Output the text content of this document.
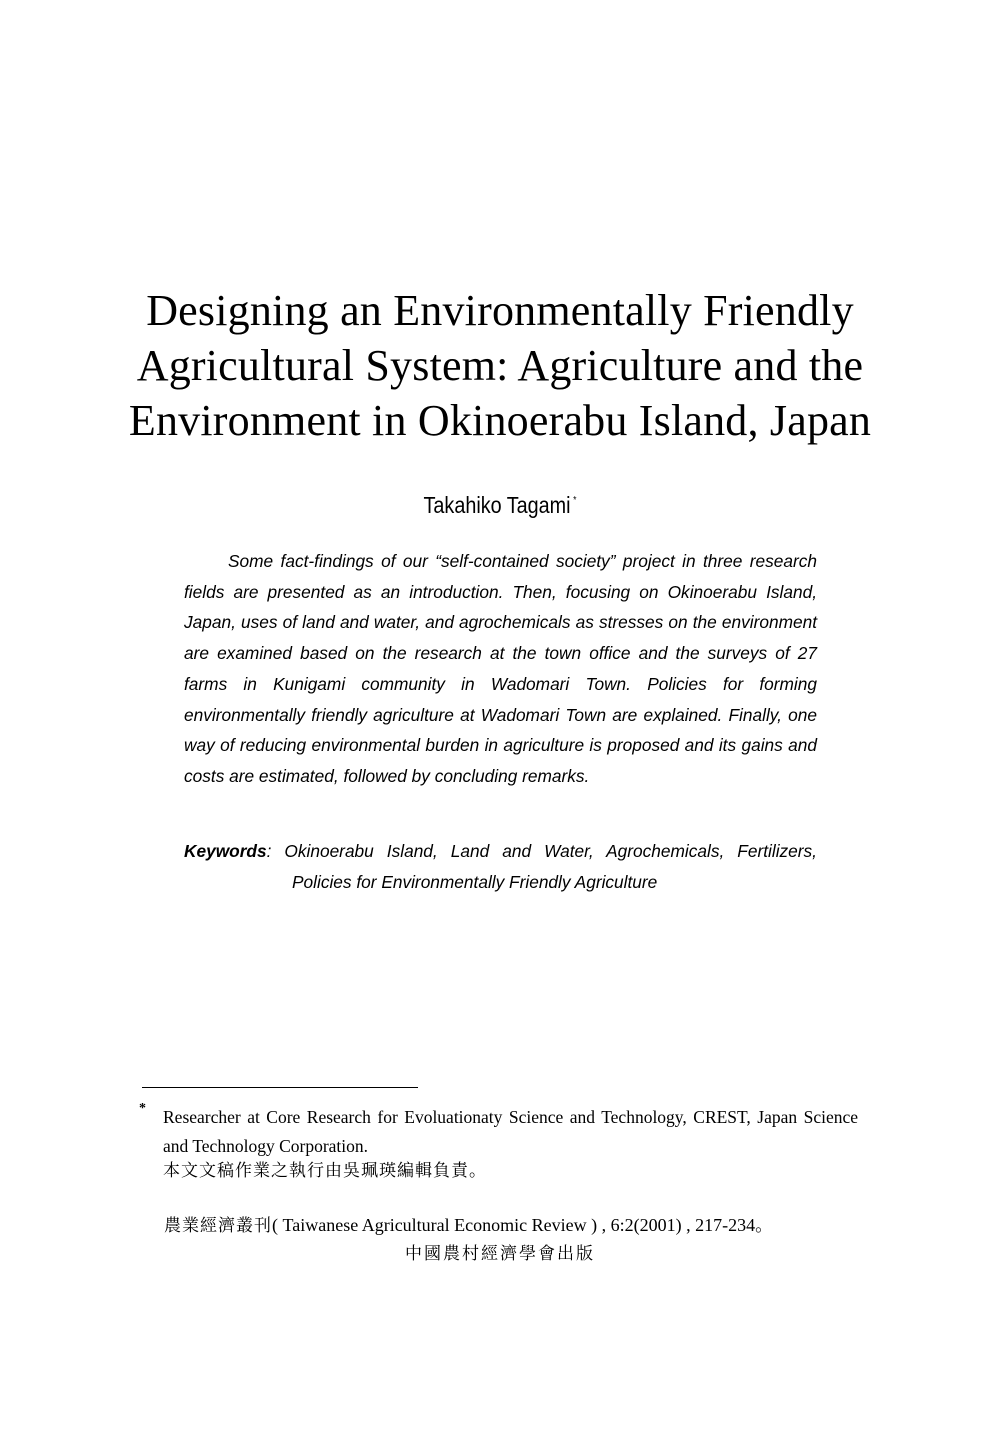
Designing an Environmentally Friendly
Agricultural System: Agriculture and the
Environment in Okinoerabu Island, Japan
Takahiko Tagami *
Some fact-findings of our “self-contained society” project in three research fields are presented as an introduction. Then, focusing on Okinoerabu Island, Japan, uses of land and water, and agrochemicals as stresses on the environment are examined based on the research at the town office and the surveys of 27 farms in Kunigami community in Wadomari Town. Policies for forming environmentally friendly agriculture at Wadomari Town are explained. Finally, one way of reducing environmental burden in agriculture is proposed and its gains and costs are estimated, followed by concluding remarks.
Keywords: Okinoerabu Island, Land and Water, Agrochemicals, Fertilizers, Policies for Environmentally Friendly Agriculture
* Researcher at Core Research for Evoluationaty Science and Technology, CREST, Japan Science and Technology Corporation.
本文文稿作業之執行由吳珮瑛編輯負責。
農業經濟叢刊( Taiwanese Agricultural Economic Review ) , 6:2(2001) , 217-234。
中國農村經濟學會出版
